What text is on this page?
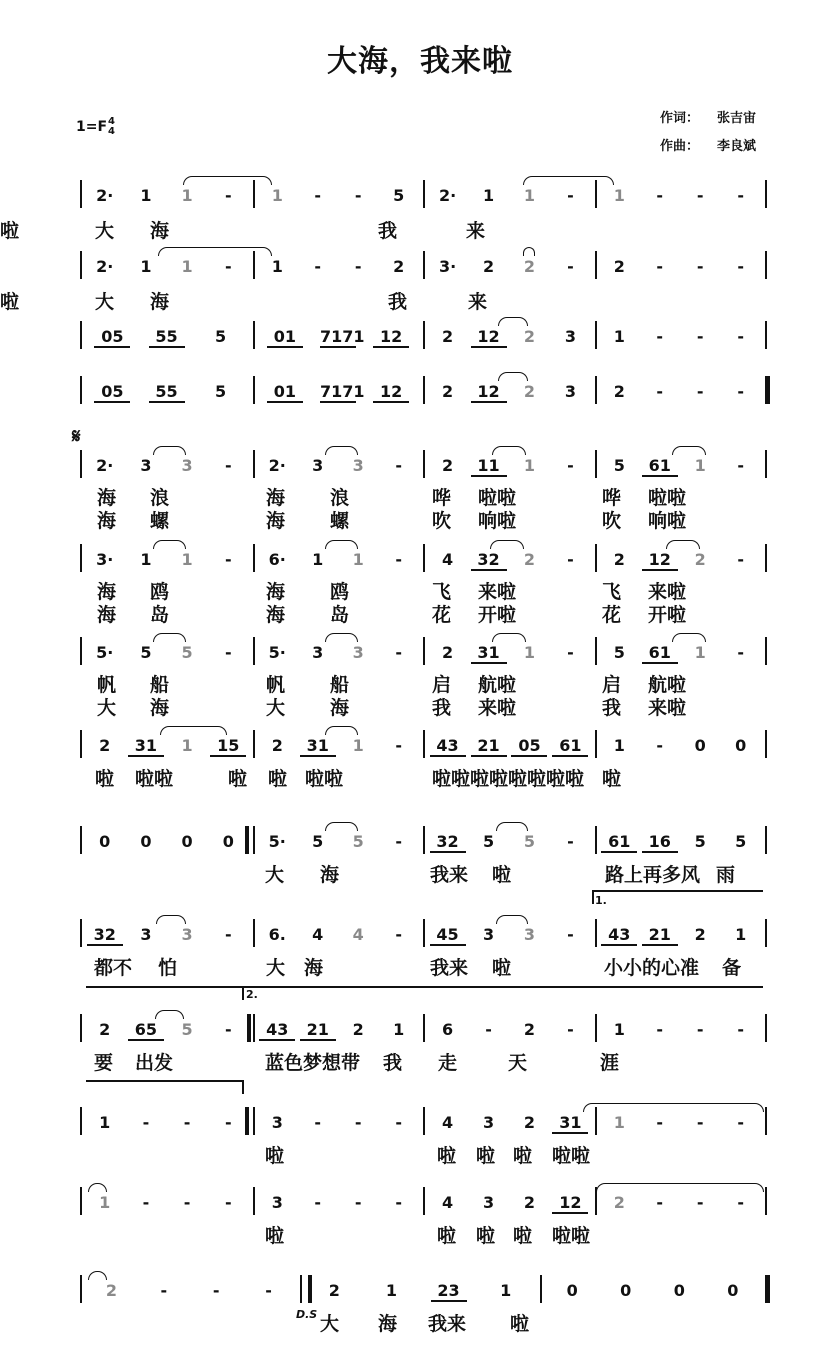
大海，我来啦
1=F 4
4
作词： 张吉宙
作曲： 李良斌
2·	1	1	-	1	-	-	5	2·	1	1	-	1	-	-	-
大 海	我	来
啦
2·	1	1	-	1	-	-	2	3·	2	2	-	2	-	-	-
大 海	我	来
啦
05	55	5	01	7171 12	2	12	2	3	1	-	-	-
05	55	5	01	7171 12	2	12	2	3	2	-	-	-
2·	3	3	-	2·	3	3	-	2	11	1	-	5	61	1	-
海 浪	海 浪	哗 啦啦	哗 啦啦
海 螺	海 螺	吹 响啦	吹 响啦
3·	1	1	-	6·	1	1	-	4	32	2	-	2	12	2	-
海 鸥	海 鸥	飞 来啦	飞 来啦
海 岛	海 岛	花 开啦	花 开啦
5·	5	5	-	5·	3	3	-	2	31	1	-	5	61	1	-
帆 船	帆 船	启 航啦	启 航啦
大 海	大 海	我 来啦	我 来啦
2	31	1	15	2	31	1	-	43	21	05	61	1	-	0	0
啦 啦啦	啦 啦 啦啦	啦啦啦啦啦啦啦啦 啦
0	0	0	0	5·	5	5	-	32	5	5	-	61	16	5	5
大 海	我来 啦	路上再多风 雨
32	3	3	-	6.	4	4	-	45	3	3	-	43	21	2	1
都不 怕	大 海	我来 啦	小小的心准 备
2	65	5	-	43	21	2	1	6	-	2	-	1	-	-	-
要 出发	蓝色梦想带 我 走	天	涯
1	-	-	-	3	-	-	-	4	3	2	31	1	-	-	-
啦	啦 啦 啦 啦啦
1	-	-	-	3	-	-	-	4	3	2	12	2	-	-	-
啦	啦 啦 啦 啦啦
2	-	-	-	2	1	23	1	0	0	0	0
大 海 我来 啦
𝄋
D.S
1.
2.
